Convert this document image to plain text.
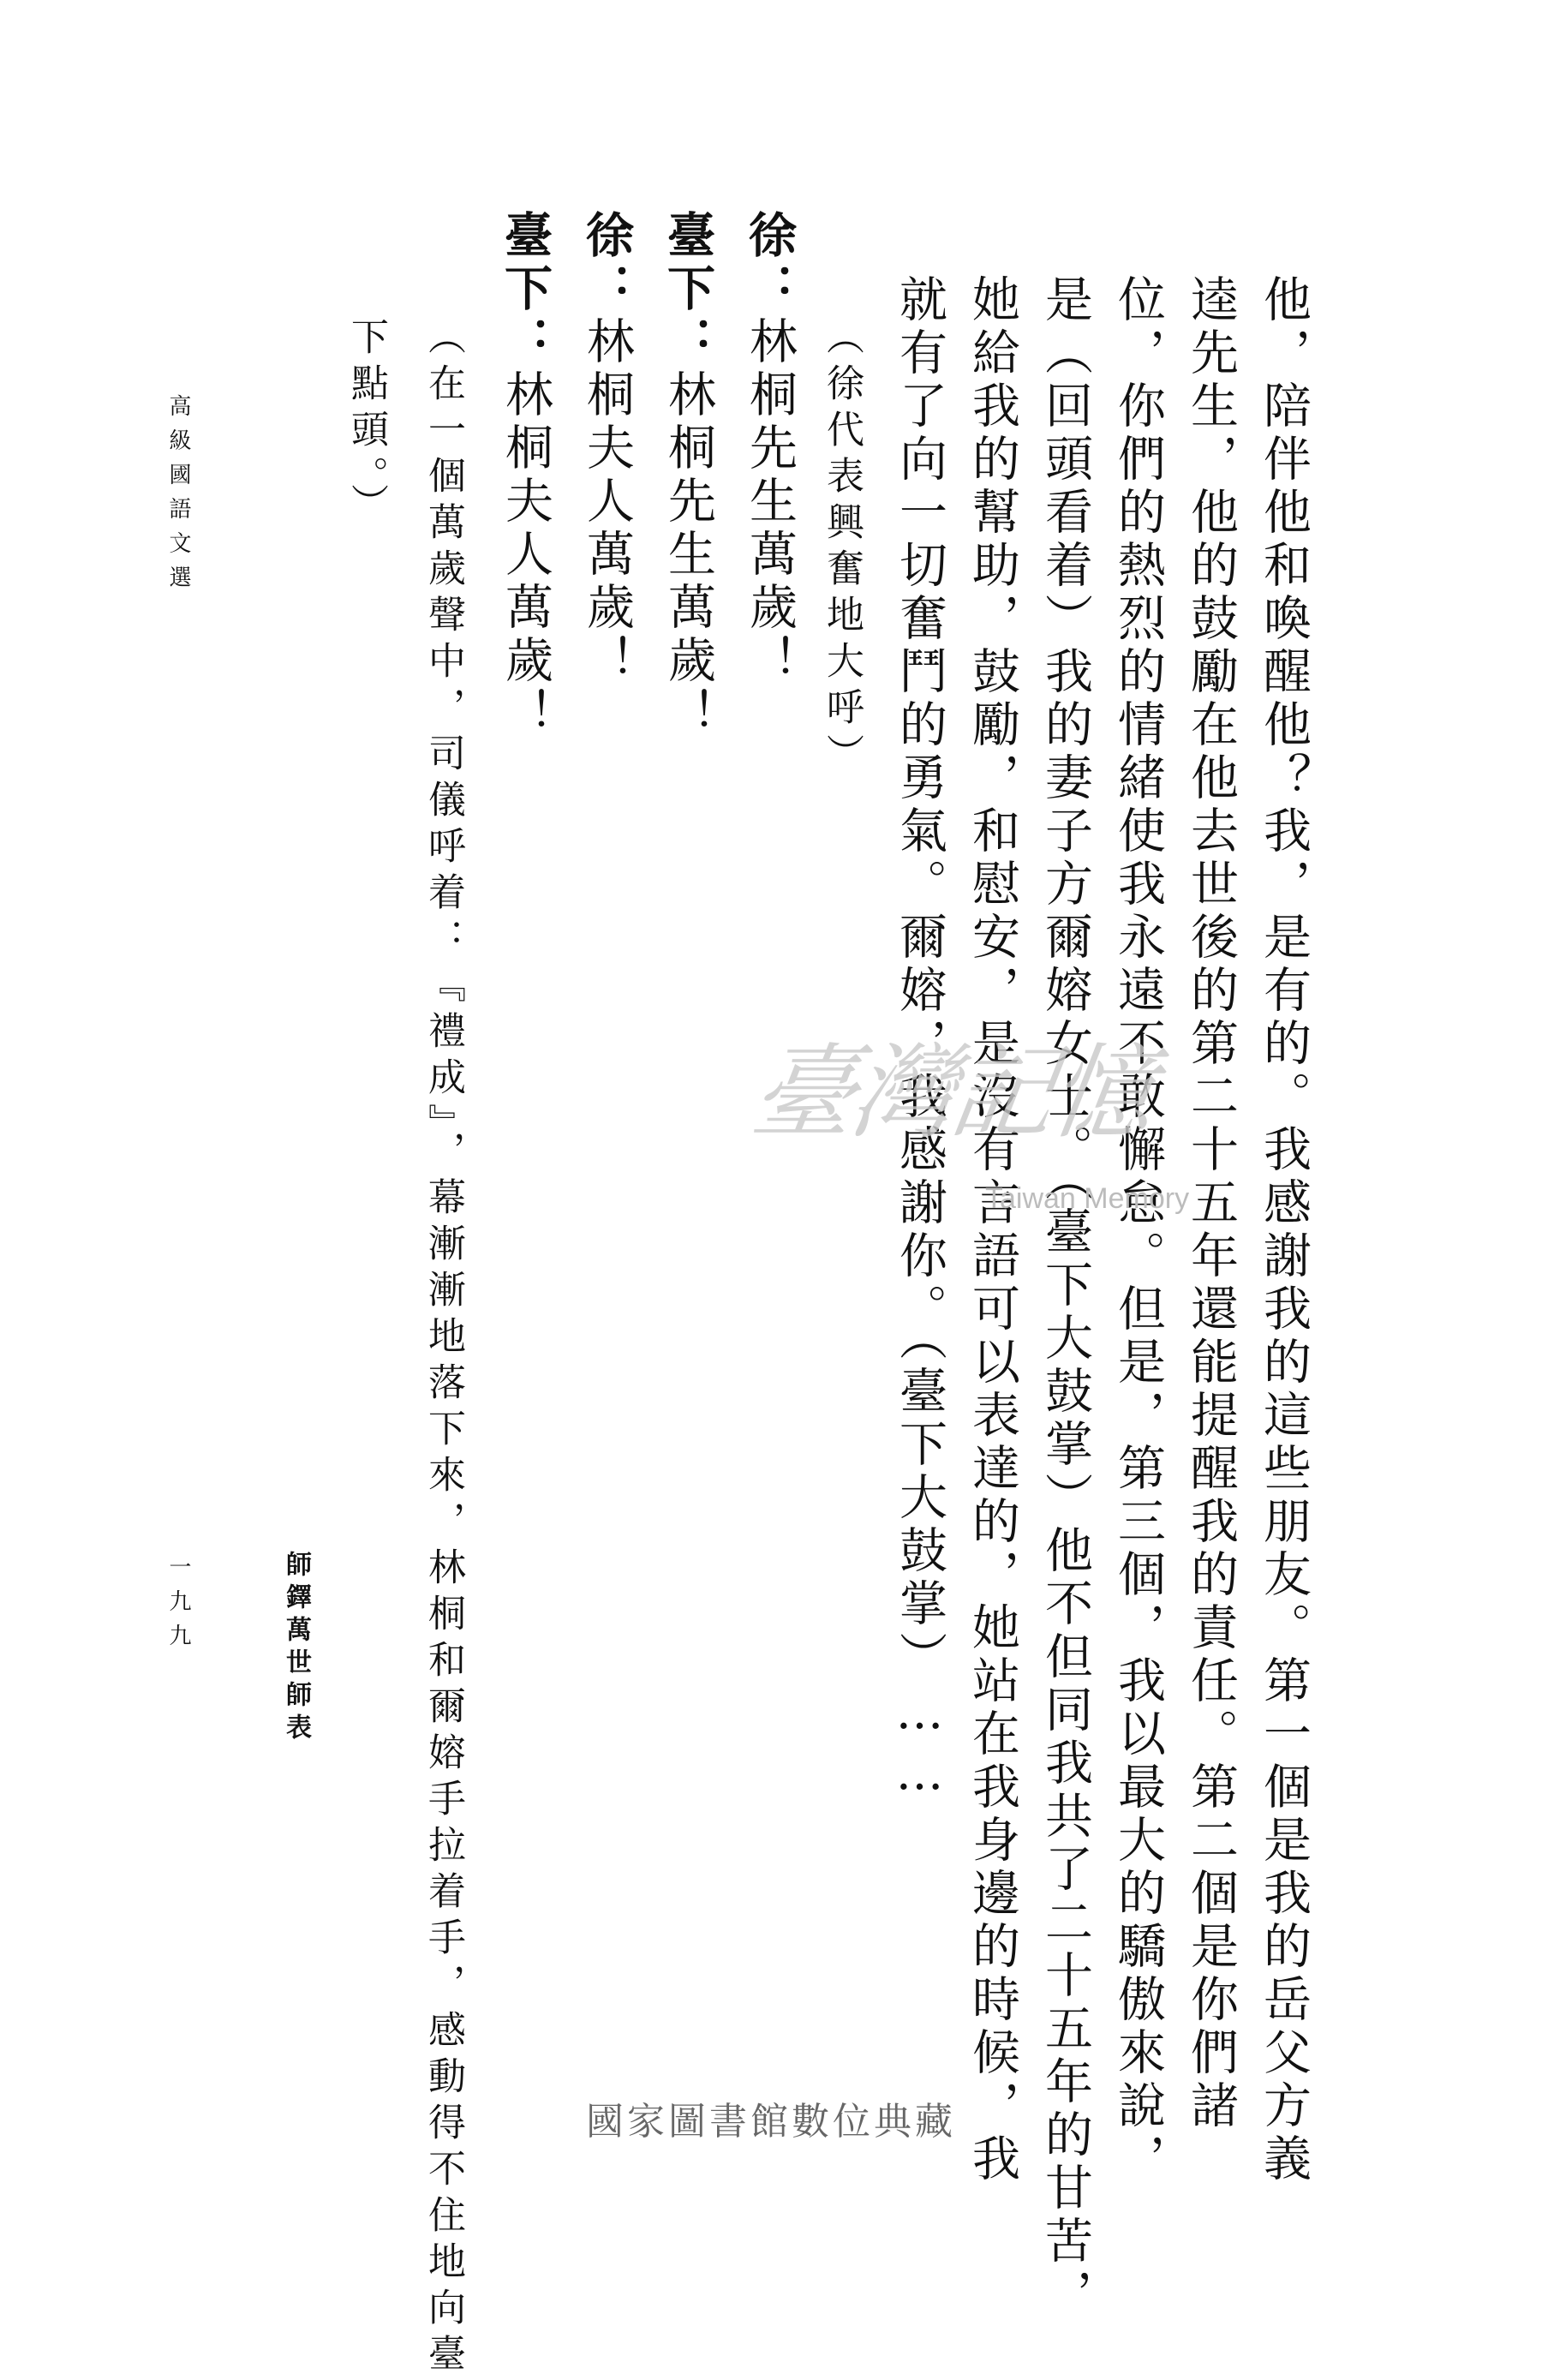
他，陪伴他和喚醒他？我，是有的。我感謝我的這些朋友。第一個是我的岳父方義
逵先生，他的鼓勵在他去世後的第二十五年還能提醒我的責任。第二個是你們諸
位，你們的熱烈的情緒使我永遠不敢懈怠。但是，第三個，我以最大的驕傲來說，
是（回頭看着）我的妻子方爾嫆女士。（臺下大鼓掌）他不但同我共了二十五年的甘苦，
她給我的幫助，鼓勵，和慰安，是沒有言語可以表達的，她站在我身邊的時候，我
就有了向一切奮鬥的勇氣。爾嫆，我感謝你。（臺下大鼓掌）……
（徐代表興奮地大呼）
徐：林桐先生萬歲！
臺下：林桐先生萬歲！
徐：林桐夫人萬歲！
臺下：林桐夫人萬歲！
（在一個萬歲聲中，司儀呼着：『禮成』，幕漸漸地落下來，林桐和爾嫆手拉着手，感動得不住地向臺
下點頭。）
高級國語文選
一九九	師鐸萬世師表
臺灣記憶
Taiwan Memory
國家圖書館數位典藏
